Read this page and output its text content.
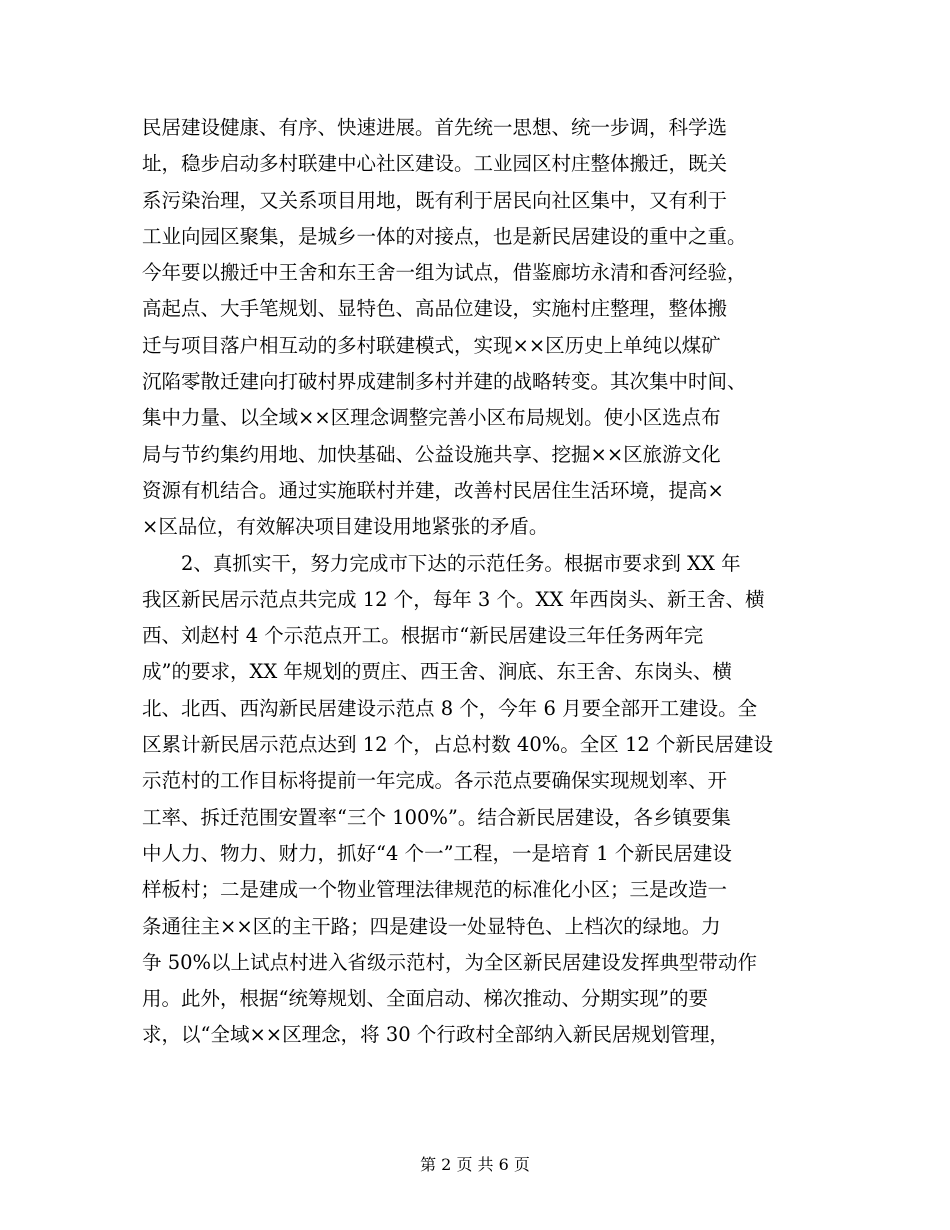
民居建设健康、有序、快速进展。首先统一思想、统一步调，科学选
址，稳步启动多村联建中心社区建设。工业园区村庄整体搬迁，既关
系污染治理，又关系项目用地，既有利于居民向社区集中，又有利于
工业向园区聚集，是城乡一体的对接点，也是新民居建设的重中之重。
今年要以搬迁中王舍和东王舍一组为试点，借鉴廊坊永清和香河经验，
高起点、大手笔规划、显特色、高品位建设，实施村庄整理，整体搬
迁与项目落户相互动的多村联建模式，实现××区历史上单纯以煤矿
沉陷零散迁建向打破村界成建制多村并建的战略转变。其次集中时间、
集中力量、以全域××区理念调整完善小区布局规划。使小区选点布
局与节约集约用地、加快基础、公益设施共享、挖掘××区旅游文化
资源有机结合。通过实施联村并建，改善村民居住生活环境，提高×
×区品位，有效解决项目建设用地紧张的矛盾。
　　2、真抓实干，努力完成市下达的示范任务。根据市要求到 XX 年
我区新民居示范点共完成 12 个，每年 3 个。XX 年西岗头、新王舍、横
西、刘赵村 4 个示范点开工。根据市“新民居建设三年任务两年完
成”的要求，XX 年规划的贾庄、西王舍、涧底、东王舍、东岗头、横
北、北西、西沟新民居建设示范点 8 个，今年 6 月要全部开工建设。全
区累计新民居示范点达到 12 个，占总村数 40%。全区 12 个新民居建设
示范村的工作目标将提前一年完成。各示范点要确保实现规划率、开
工率、拆迁范围安置率“三个 100%”。结合新民居建设，各乡镇要集
中人力、物力、财力，抓好“4 个一”工程，一是培育 1 个新民居建设
样板村；二是建成一个物业管理法律规范的标准化小区；三是改造一
条通往主××区的主干路；四是建设一处显特色、上档次的绿地。力
争 50%以上试点村进入省级示范村，为全区新民居建设发挥典型带动作
用。此外，根据“统筹规划、全面启动、梯次推动、分期实现”的要
求，以“全域××区理念，将 30 个行政村全部纳入新民居规划管理，
第 2 页 共 6 页
